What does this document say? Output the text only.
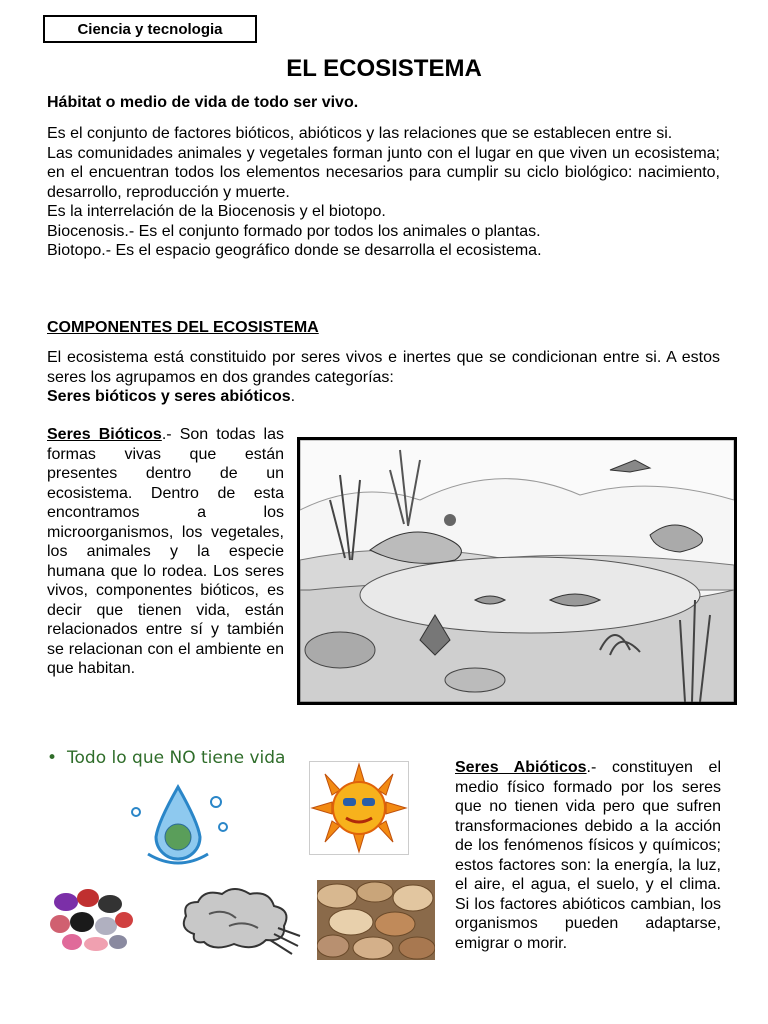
Ciencia y tecnologia
EL ECOSISTEMA
Hábitat o medio de vida de todo ser vivo.
Es el conjunto de factores bióticos, abióticos y las relaciones que se establecen entre si.
Las comunidades animales y vegetales forman junto con el lugar en que viven un ecosistema; en el encuentran todos los elementos necesarios para cumplir su ciclo biológico: nacimiento, desarrollo, reproducción y muerte.
Es la interrelación de la Biocenosis y el biotopo.
Biocenosis.- Es el conjunto formado por todos los animales o plantas.
Biotopo.- Es el espacio geográfico donde se desarrolla el ecosistema.
COMPONENTES DEL ECOSISTEMA
El ecosistema está constituido por seres vivos e inertes que se condicionan entre si. A estos seres los agrupamos en dos grandes categorías:
Seres bióticos y seres abióticos.
Seres Bióticos.- Son todas las formas vivas que están presentes dentro de un ecosistema. Dentro de esta encontramos a los microorganismos, los vegetales, los animales y la especie humana que lo rodea. Los seres vivos, componentes bióticos, es decir que tienen vida, están relacionados entre sí y también se relacionan con el ambiente en que habitan.
• Todo lo que NO tiene vida	Seres Abióticos.- constituyen el medio físico formado por los seres que no tienen vida pero que sufren transformaciones debido a la acción de los fenómenos físicos y químicos; estos factores son: la energía, la luz, el aire, el agua, el suelo, y el clima. Si los factores abióticos cambian, los organismos pueden adaptarse, emigrar o morir.
